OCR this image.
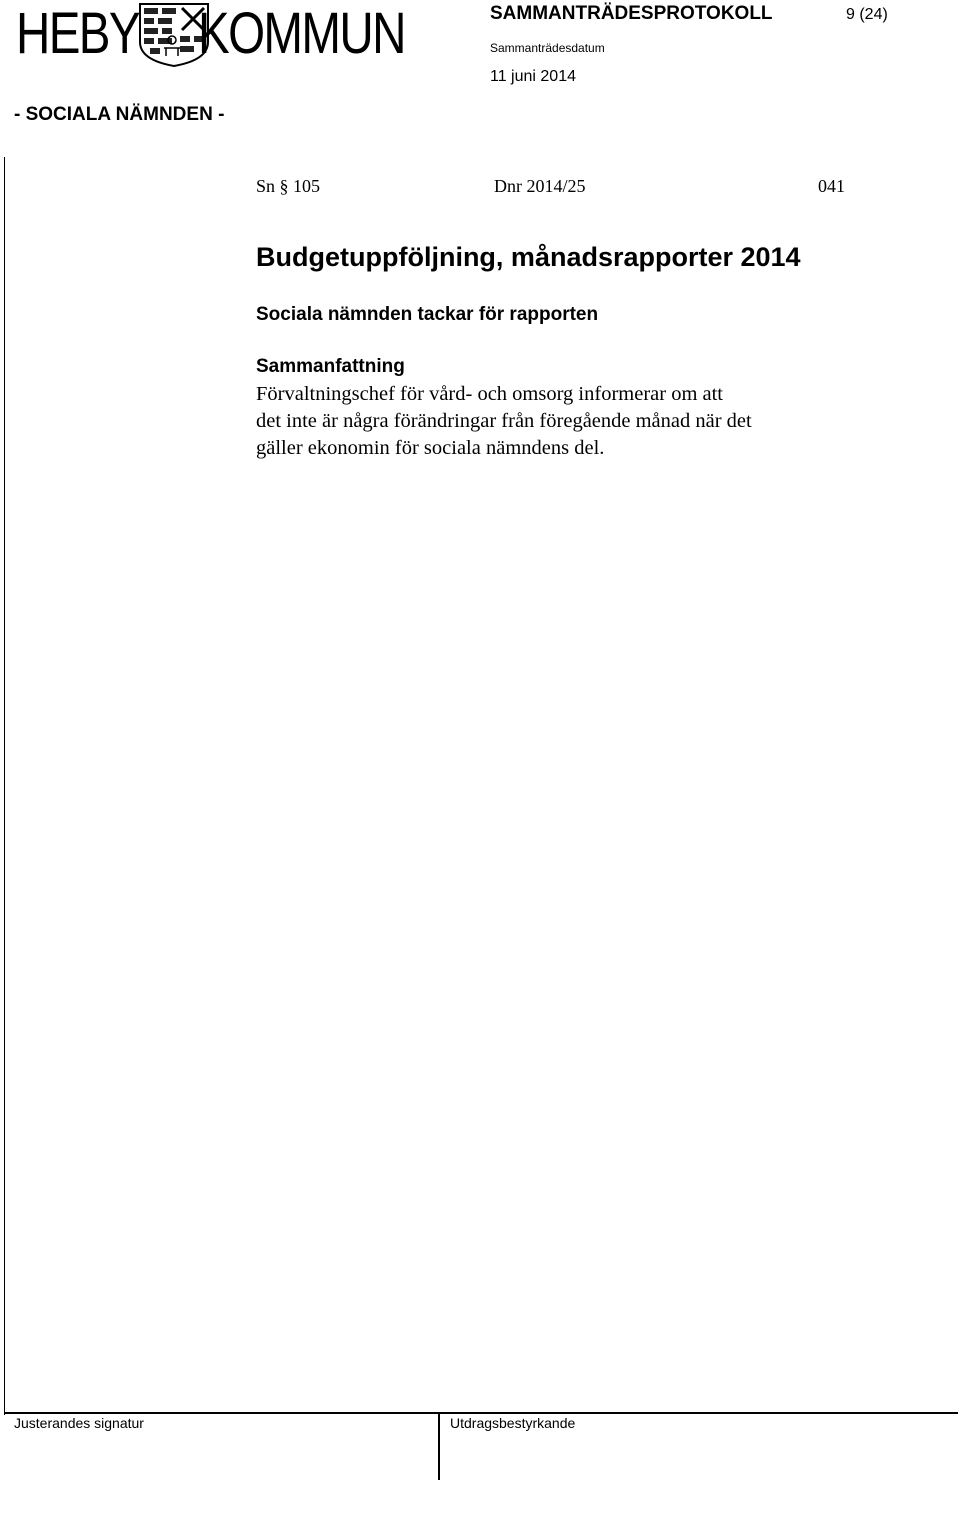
HEBY KOMMUN	SAMMANTRÄDESPROTOKOLL	9 (24)
Sammanträdesdatum
11 juni 2014
- SOCIALA NÄMNDEN -
Sn § 105	Dnr 2014/25	041
Budgetuppföljning, månadsrapporter 2014
Sociala nämnden tackar för rapporten
Sammanfattning
Förvaltningschef för vård- och omsorg informerar om att
det inte är några förändringar från föregående månad när det
gäller ekonomin för sociala nämndens del.
Justerandes signatur	Utdragsbestyrkande
